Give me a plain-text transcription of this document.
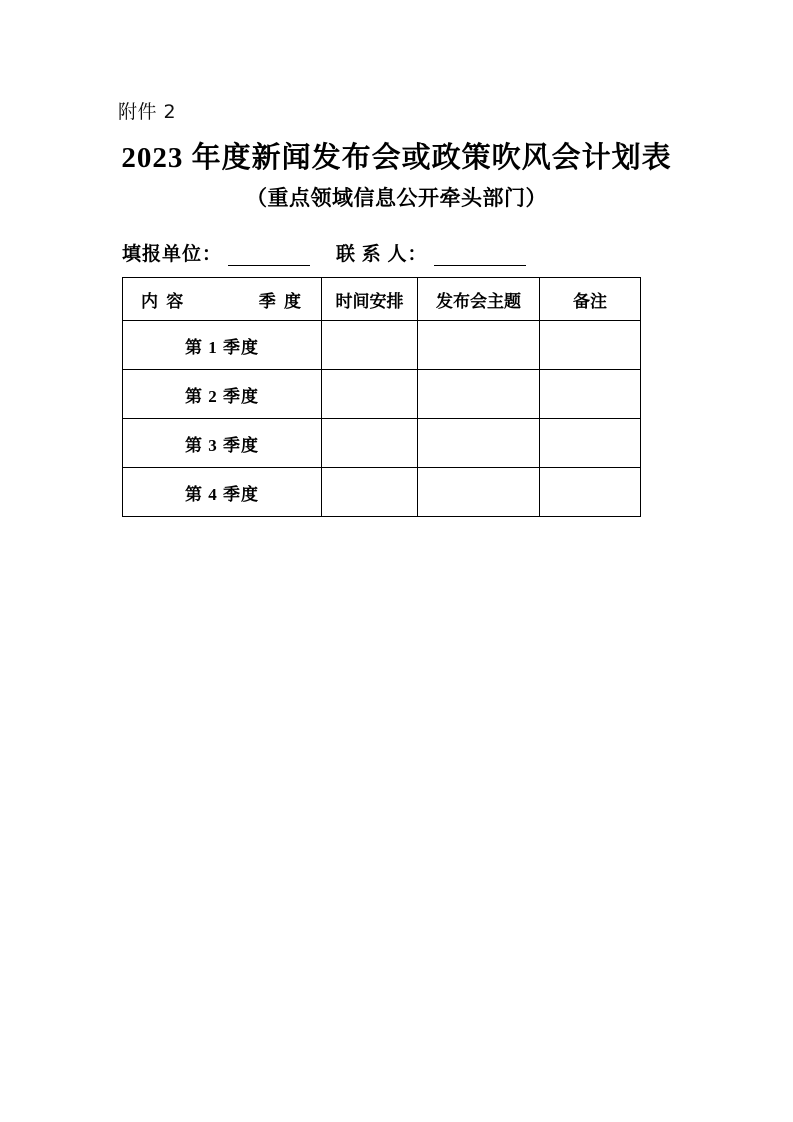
附件 2
2023 年度新闻发布会或政策吹风会计划表
（重点领域信息公开牵头部门）
填报单位：	联 系 人：
内 容 季 度	时间安排	发布会主题	备注
第 1 季度			
第 2 季度			
第 3 季度			
第 4 季度			
